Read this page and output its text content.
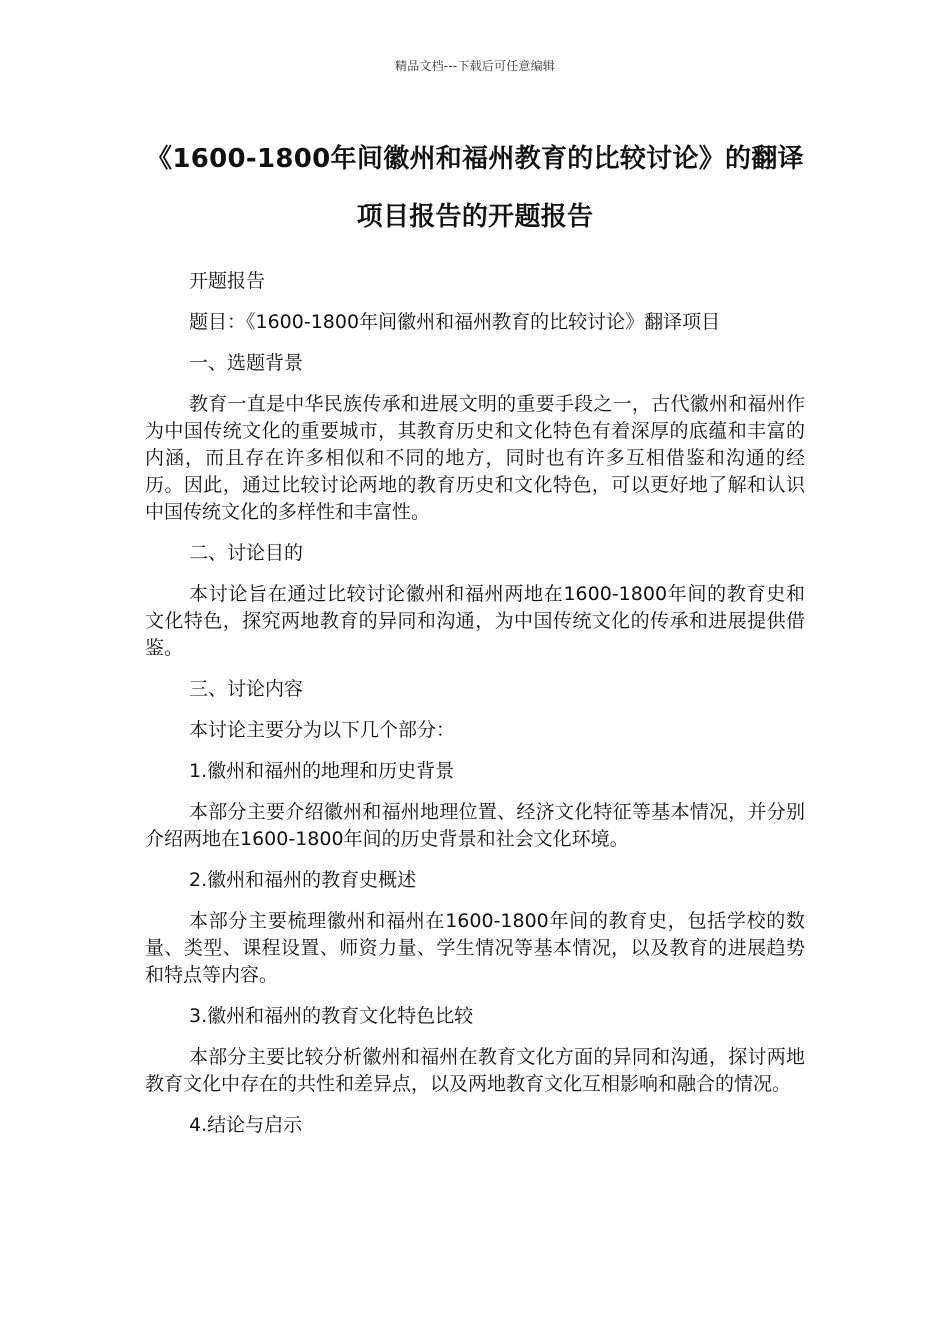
精品文档---下载后可任意编辑
《1600-1800年间徽州和福州教育的比较讨论》的翻译项目报告的开题报告

开题报告

题目：《1600-1800年间徽州和福州教育的比较讨论》翻译项目

一、选题背景

教育一直是中华民族传承和进展文明的重要手段之一，古代徽州和福州作为中国传统文化的重要城市，其教育历史和文化特色有着深厚的底蕴和丰富的内涵，而且存在许多相似和不同的地方，同时也有许多互相借鉴和沟通的经历。因此，通过比较讨论两地的教育历史和文化特色，可以更好地了解和认识中国传统文化的多样性和丰富性。

二、讨论目的

本讨论旨在通过比较讨论徽州和福州两地在1600-1800年间的教育史和文化特色，探究两地教育的异同和沟通，为中国传统文化的传承和进展提供借鉴。

三、讨论内容

本讨论主要分为以下几个部分：

1.徽州和福州的地理和历史背景

本部分主要介绍徽州和福州地理位置、经济文化特征等基本情况，并分别介绍两地在1600-1800年间的历史背景和社会文化环境。

2.徽州和福州的教育史概述

本部分主要梳理徽州和福州在1600-1800年间的教育史，包括学校的数量、类型、课程设置、师资力量、学生情况等基本情况，以及教育的进展趋势和特点等内容。

3.徽州和福州的教育文化特色比较

本部分主要比较分析徽州和福州在教育文化方面的异同和沟通，探讨两地教育文化中存在的共性和差异点，以及两地教育文化互相影响和融合的情况。

4.结论与启示
